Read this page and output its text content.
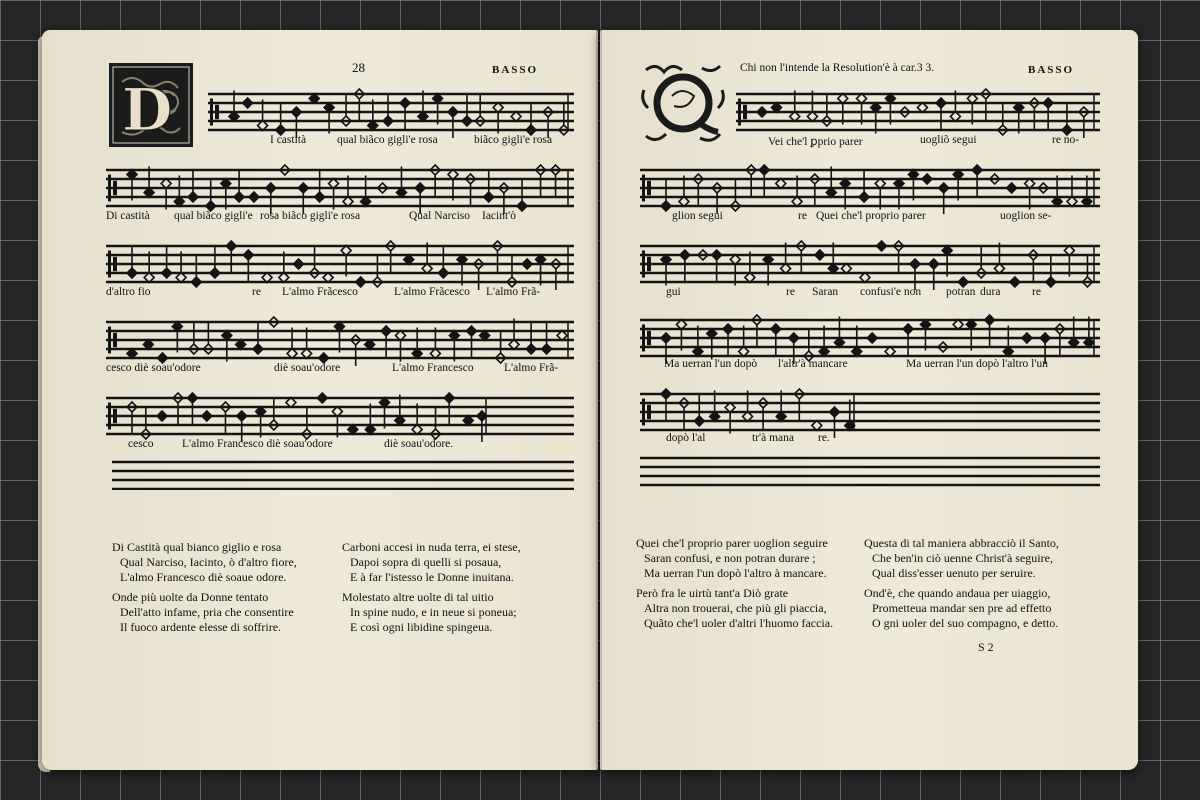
28	BASSO
D	I castità	qual biãco gigli'e rosa	biãco gigli'e rosa
Di castità qual biãco gigli'e rosa biãco gigli'e rosa	Qual Narciso Iacint'ò
d'altro fio	re L'almo Frãcesco	L'almo Frãcesco L'almo Frã-
cesco diè soau'odore	diè soau'odore	L'almo Francesco	L'almo Frã-
cesco L'almo Francesco diè soau'odore	diè soau'odore.
Di Castità qual bianco giglio e rosa
Qual Narciso, Iacinto, ò d'altro fiore,
L'almo Francesco diè soaue odore.
Carboni accesi in nuda terra, ei stese,
Dapoi sopra di quelli si posaua,
E à far l'istesso le Donne inuitana.
Onde più uolte da Donne tentato
Dell'atto infame, pria che consentire
Il fuoco ardente elesse di soffrire.
Molestato altre uolte di tal uitio
In spine nudo, e in neue si poneua;
E così ogni libidine spingeua.
Chi non l'intende la Resolution'è à car.3 3.	BASSO
Q
Vei che'l ꝑprio parer	uogliõ segui	re no-
glion segui	re Quei che'l proprio parer	uoglion se-
gui	re Saran confusi'e non potran dura	re
Ma uerran l'un dopò l'altr'à mancare	Ma uerran l'un dopò l'altro l'un
dopò l'al	tr'à mana re.
Quei che'l proprio parer uoglion seguire
Saran confusi, e non potran durare ;
Ma uerran l'un dopò l'altro à mancare.
Questa di tal maniera abbracciò il Santo,
Che ben'in ciò uenne Christ'à seguire,
Qual diss'esser uenuto per seruire.
Però fra le uirtù tant'a Diò grate
Altra non trouerai, che più gli piaccia,
Quãto che'l uoler d'altri l'huomo faccia.
Ond'è, che quando andaua per uiaggio,
Prometteua mandar sen pre ad effetto
O gni uoler del suo compagno, e detto.
S 2
